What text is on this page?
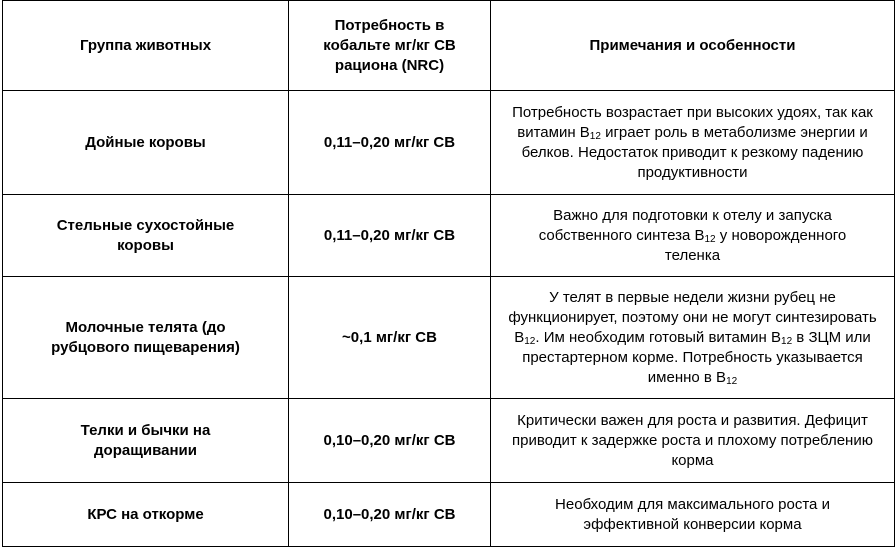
Группа животных	Потребность в кобальте мг/кг СВ рациона (NRC)	Примечания и особенности
Дойные коровы	0,11–0,20 мг/кг СВ	Потребность возрастает при высоких удоях, так как витамин $B_{12}$ играет роль в метаболизме энергии и белков. Недостаток приводит к резкому падению продуктивности
Стельные сухостойные коровы	0,11–0,20 мг/кг СВ	Важно для подготовки к отелу и запуска собственного синтеза $B_{12}$ у новорожденного теленка
Молочные телята (до рубцового пищеварения)	~0,1 мг/кг СВ	У телят в первые недели жизни рубец не функционирует, поэтому они не могут синтезировать $B_{12}$. Им необходим готовый витамин $B_{12}$ в ЗЦМ или престартерном корме. Потребность указывается именно в $B_{12}$
Телки и бычки на доращивании	0,10–0,20 мг/кг СВ	Критически важен для роста и развития. Дефицит приводит к задержке роста и плохому потреблению корма
КРС на откорме	0,10–0,20 мг/кг СВ	Необходим для максимального роста и эффективной конверсии корма
